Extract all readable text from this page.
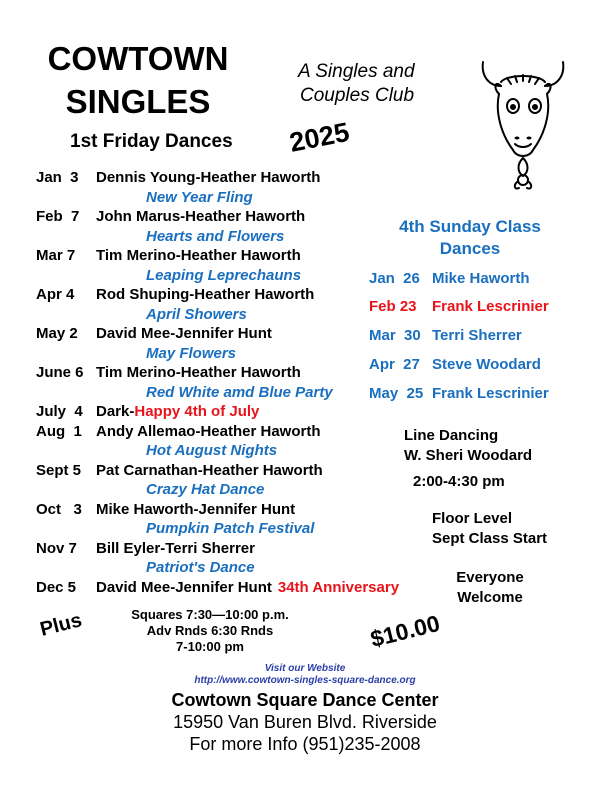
COWTOWN
SINGLES
1st Friday Dances
A Singles and
Couples Club
2025
Jan  3 Dennis Young-Heather Haworth
New Year Fling
Feb  7 John Marus-Heather Haworth
Hearts and Flowers
Mar 7 Tim Merino-Heather Haworth
Leaping Leprechauns
Apr 4 Rod Shuping-Heather Haworth
April Showers
May 2 David Mee-Jennifer Hunt
May Flowers
June 6 Tim Merino-Heather Haworth
Red White amd Blue Party
July  4 Dark-Happy 4th of July
Aug  1 Andy Allemao-Heather Haworth
Hot August Nights
Sept 5 Pat Carnathan-Heather Haworth
Crazy Hat Dance
Oct   3 Mike Haworth-Jennifer Hunt
Pumpkin Patch Festival
Nov 7 Bill Eyler-Terri Sherrer
Patriot's Dance
Dec 5 David Mee-Jennifer Hunt 34th Anniversary
4th Sunday Class
Dances
Jan  26 Mike Haworth
Feb 23 Frank Lescrinier
Mar  30 Terri Sherrer
Apr  27 Steve Woodard
May  25 Frank Lescrinier
Line Dancing
W. Sheri Woodard
2:00-4:30 pm
Floor Level
Sept Class Start
Everyone
Welcome
Plus	Squares 7:30—10:00 p.m.
Adv Rnds 6:30 Rnds
7-10:00 pm	$10.00
Visit our Website
http://www.cowtown-singles-square-dance.org
Cowtown Square Dance Center
15950 Van Buren Blvd. Riverside
For more Info (951)235-2008
